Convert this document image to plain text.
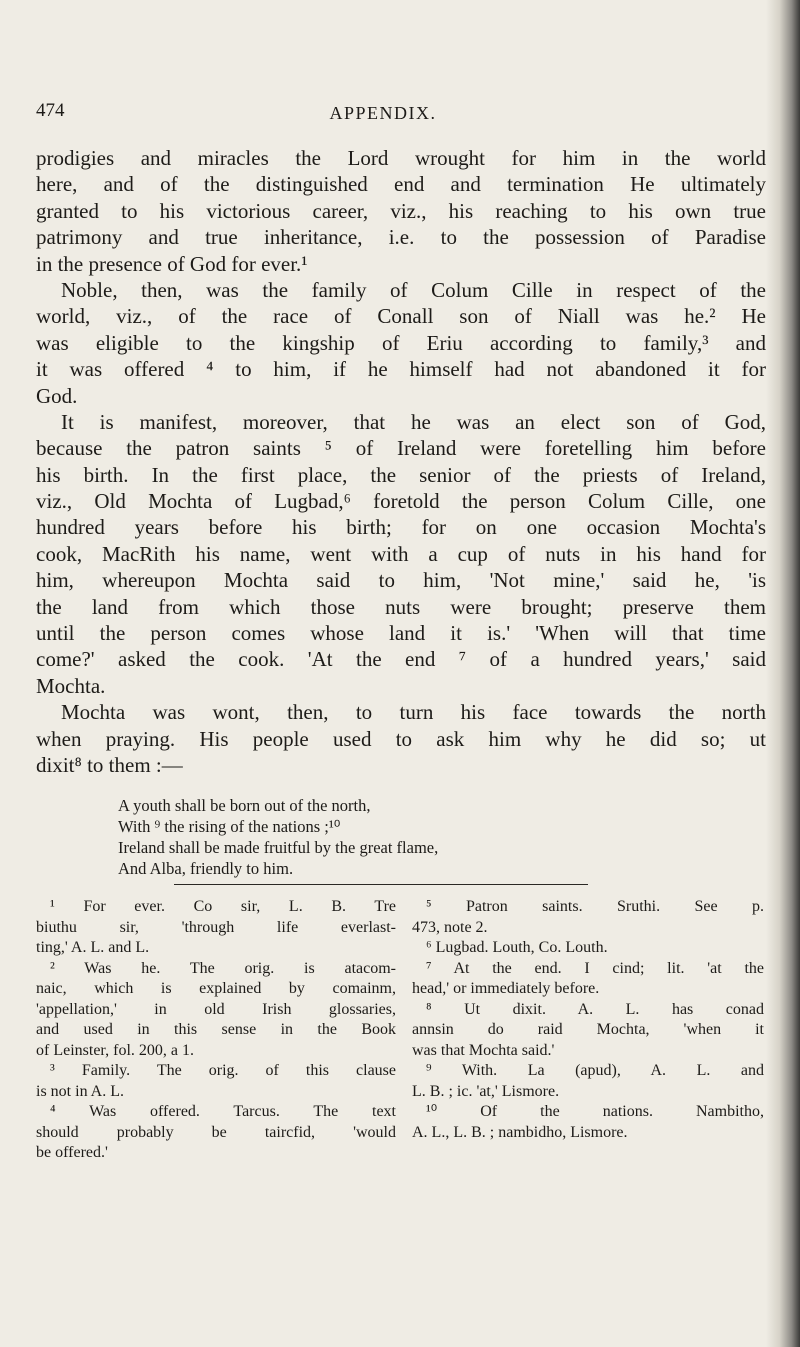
474	APPENDIX.
prodigies and miracles the Lord wrought for him in the world
here, and of the distinguished end and termination He ultimately
granted to his victorious career, viz., his reaching to his own true
patrimony and true inheritance, i.e. to the possession of Paradise
in the presence of God for ever.¹
Noble, then, was the family of Colum Cille in respect of the
world, viz., of the race of Conall son of Niall was he.² He
was eligible to the kingship of Eriu according to family,³ and
it was offered ⁴ to him, if he himself had not abandoned it for
God.
It is manifest, moreover, that he was an elect son of God,
because the patron saints ⁵ of Ireland were foretelling him before
his birth. In the first place, the senior of the priests of Ireland,
viz., Old Mochta of Lugbad,⁶ foretold the person Colum Cille, one
hundred years before his birth; for on one occasion Mochta's
cook, MacRith his name, went with a cup of nuts in his hand for
him, whereupon Mochta said to him, 'Not mine,' said he, 'is
the land from which those nuts were brought; preserve them
until the person comes whose land it is.' 'When will that time
come?' asked the cook. 'At the end ⁷ of a hundred years,' said
Mochta.
Mochta was wont, then, to turn his face towards the north
when praying. His people used to ask him why he did so; ut
dixit⁸ to them :—
A youth shall be born out of the north,
With ⁹ the rising of the nations ;¹⁰
Ireland shall be made fruitful by the great flame,
And Alba, friendly to him.
¹ For ever. Co sir, L. B. Tre
biuthu sir, 'through life everlast-
ting,' A. L. and L.
² Was he. The orig. is atacom-
naic, which is explained by comainm,
'appellation,' in old Irish glossaries,
and used in this sense in the Book
of Leinster, fol. 200, a 1.
³ Family. The orig. of this clause
is not in A. L.
⁴ Was offered. Tarcus. The text
should probably be taircfid, 'would
be offered.'
⁵ Patron saints. Sruthi. See p.
473, note 2.
⁶ Lugbad. Louth, Co. Louth.
⁷ At the end. I cind; lit. 'at the
head,' or immediately before.
⁸ Ut dixit. A. L. has conad
annsin do raid Mochta, 'when it
was that Mochta said.'
⁹ With. La (apud), A. L. and
L. B. ; ic. 'at,' Lismore.
¹⁰ Of the nations. Nambitho,
A. L., L. B. ; nambidho, Lismore.
